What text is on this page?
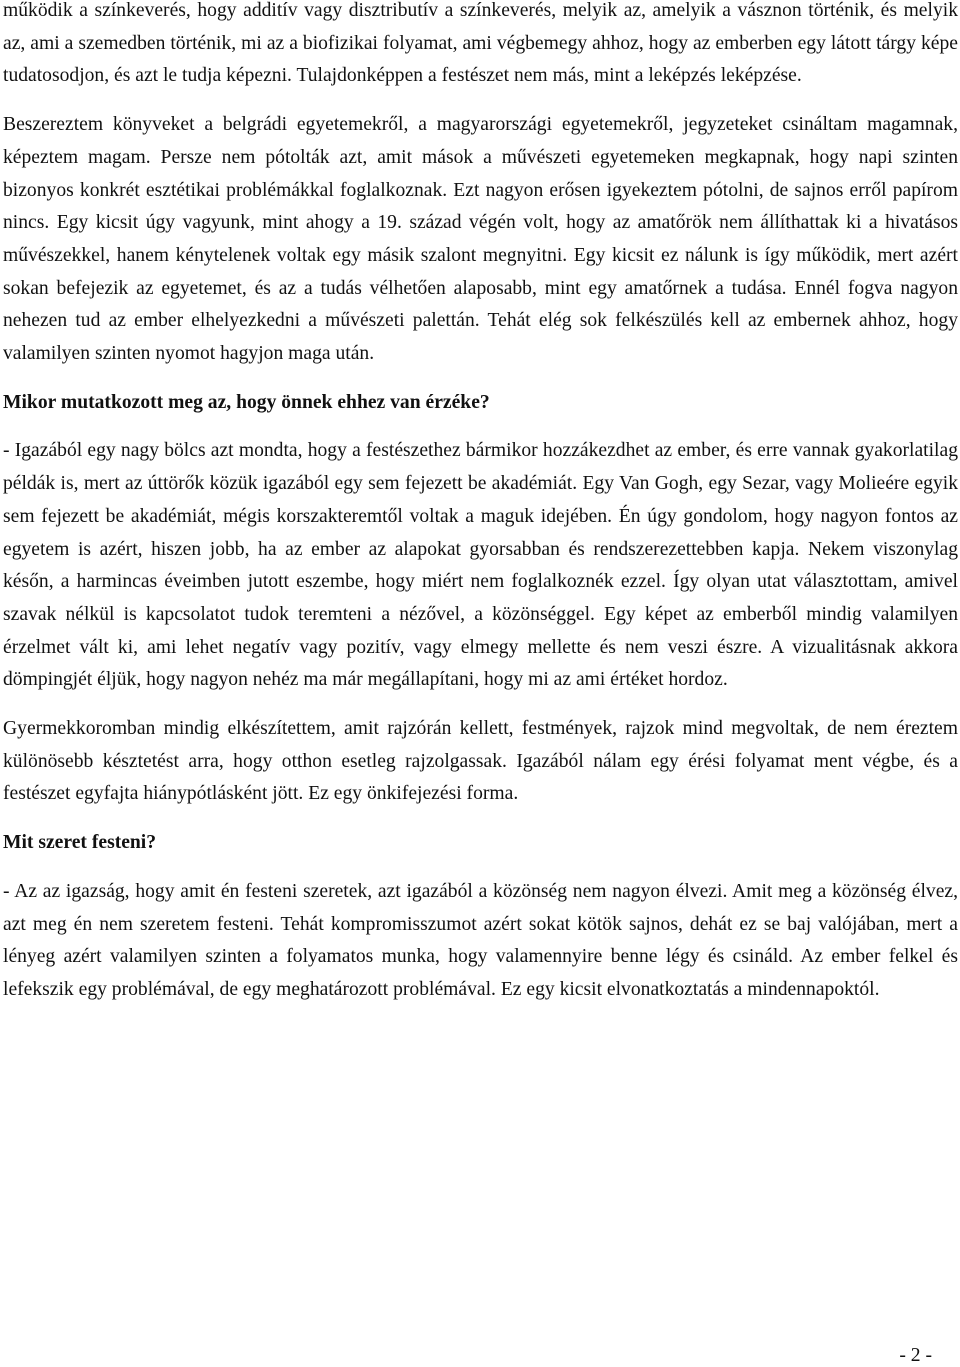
működik a színkeverés, hogy additív vagy disztributív a színkeverés, melyik az, amelyik a vásznon történik, és melyik az, ami a szemedben történik, mi az a biofizikai folyamat, ami végbemegy ahhoz, hogy az emberben egy látott tárgy képe tudatosodjon, és azt le tudja képezni. Tulajdonképpen a festészet nem más, mint a leképzés leképzése.

Beszereztem könyveket a belgrádi egyetemekről, a magyarországi egyetemekről, jegyzeteket csináltam magamnak, képeztem magam. Persze nem pótolták azt, amit mások a művészeti egyetemeken megkapnak, hogy napi szinten bizonyos konkrét esztétikai problémákkal foglalkoznak. Ezt nagyon erősen igyekeztem pótolni, de sajnos erről papírom nincs. Egy kicsit úgy vagyunk, mint ahogy a 19. század végén volt, hogy az amatőrök nem állíthattak ki a hivatásos művészekkel, hanem kénytelenek voltak egy másik szalont megnyitni. Egy kicsit ez nálunk is így működik, mert azért sokan befejezik az egyetemet, és az a tudás vélhetően alaposabb, mint egy amatőrnek a tudása. Ennél fogva nagyon nehezen tud az ember elhelyezkedni a művészeti palettán. Tehát elég sok felkészülés kell az embernek ahhoz, hogy valamilyen szinten nyomot hagyjon maga után.

Mikor mutatkozott meg az, hogy önnek ehhez van érzéke?

- Igazából egy nagy bölcs azt mondta, hogy a festészethez bármikor hozzákezdhet az ember, és erre vannak gyakorlatilag példák is, mert az úttörők közük igazából egy sem fejezett be akadémiát. Egy Van Gogh, egy Sezar, vagy Molieére egyik sem fejezett be akadémiát, mégis korszakteremtől voltak a maguk idejében. Én úgy gondolom, hogy nagyon fontos az egyetem is azért, hiszen jobb, ha az ember az alapokat gyorsabban és rendszerezettebben kapja. Nekem viszonylag későn, a harmincas éveimben jutott eszembe, hogy miért nem foglalkoznék ezzel. Így olyan utat választottam, amivel szavak nélkül is kapcsolatot tudok teremteni a nézővel, a közönséggel. Egy képet az emberből mindig valamilyen érzelmet vált ki, ami lehet negatív vagy pozitív, vagy elmegy mellette és nem veszi észre. A vizualitásnak akkora dömpingjét éljük, hogy nagyon nehéz ma már megállapítani, hogy mi az ami értéket hordoz.

Gyermekkoromban mindig elkészítettem, amit rajzórán kellett, festmények, rajzok mind megvoltak, de nem éreztem különösebb késztetést arra, hogy otthon esetleg rajzolgassak. Igazából nálam egy érési folyamat ment végbe, és a festészet egyfajta hiánypótlásként jött. Ez egy önkifejezési forma.

Mit szeret festeni?

- Az az igazság, hogy amit én festeni szeretek, azt igazából a közönség nem nagyon élvezi. Amit meg a közönség élvez, azt meg én nem szeretem festeni. Tehát kompromisszumot azért sokat kötök sajnos, dehát ez se baj valójában, mert a lényeg azért valamilyen szinten a folyamatos munka, hogy valamennyire benne légy és csináld. Az ember felkel és lefekszik egy problémával, de egy meghatározott problémával. Ez egy kicsit elvonatkoztatás a mindennapoktól.

- 2 -
